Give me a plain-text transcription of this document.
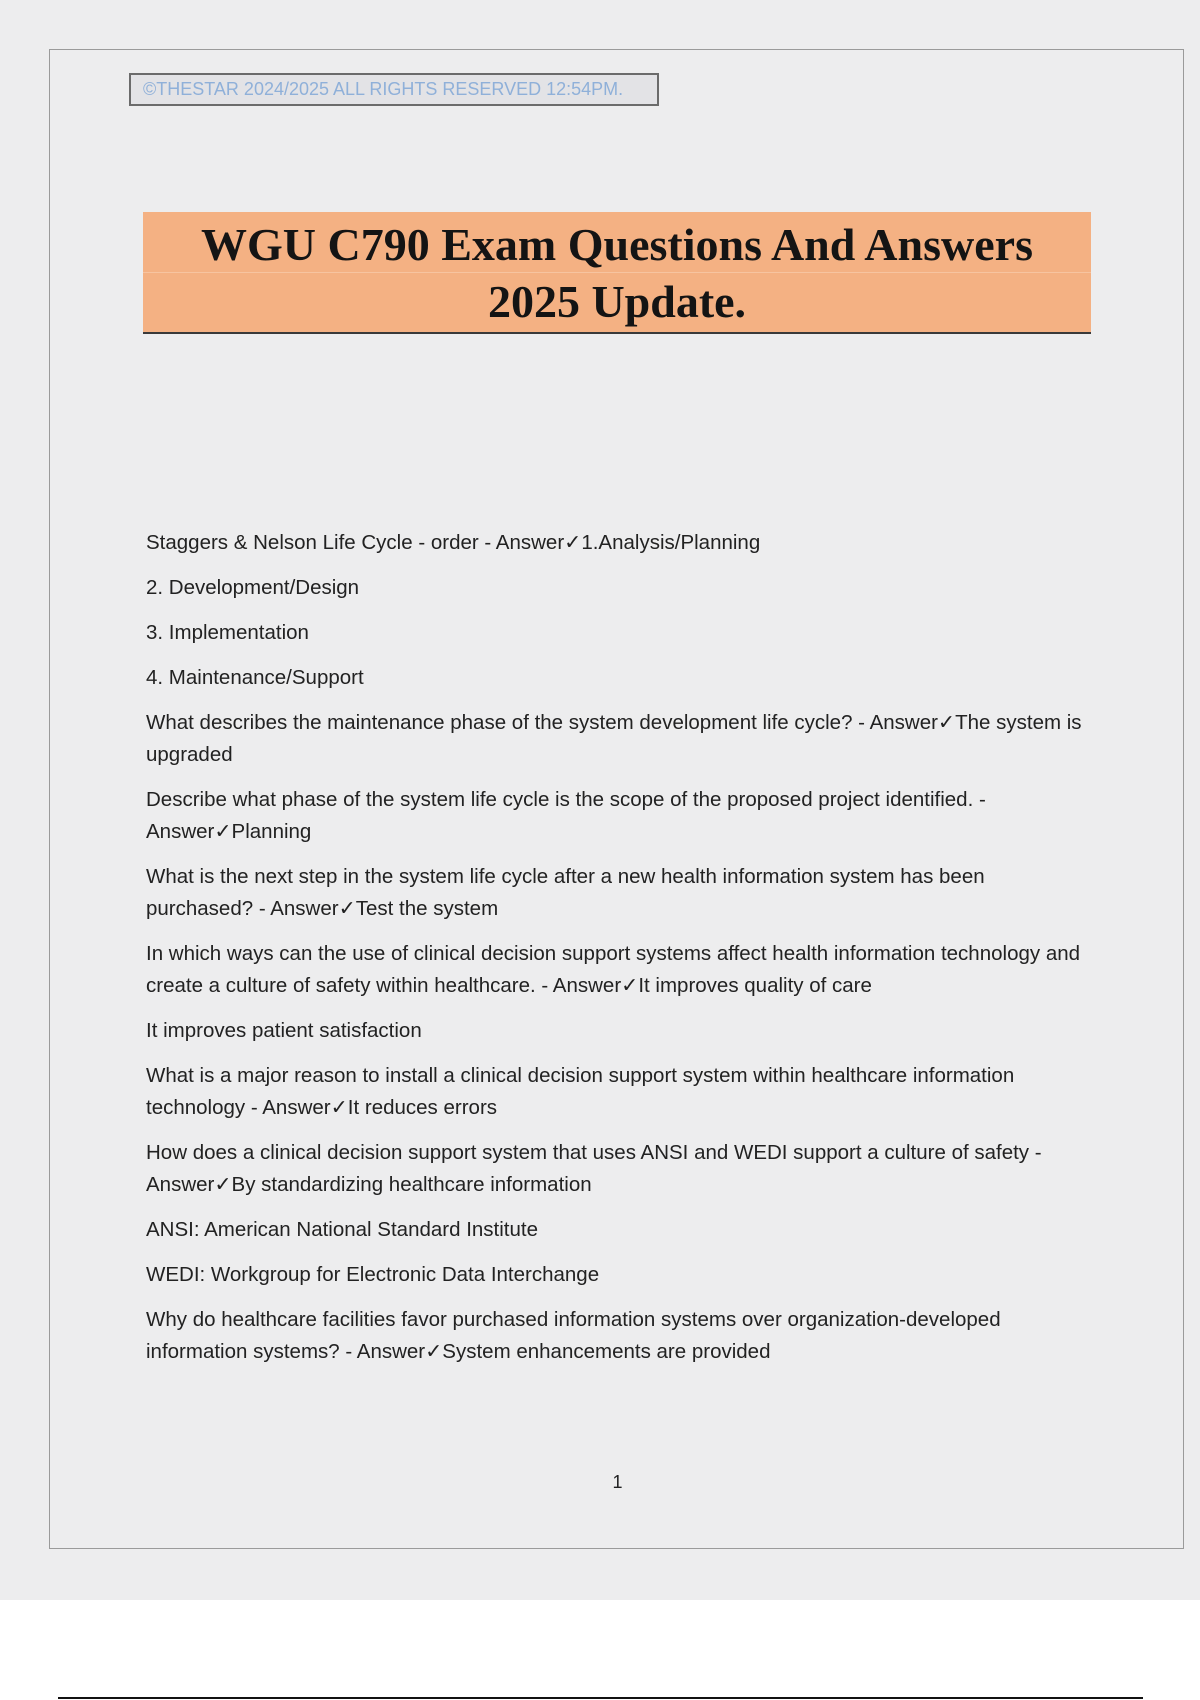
©THESTAR 2024/2025 ALL RIGHTS RESERVED 12:54PM.
WGU C790 Exam Questions And Answers
2025 Update.

Staggers & Nelson Life Cycle - order - Answer✓1.Analysis/Planning

2. Development/Design

3. Implementation

4. Maintenance/Support

What describes the maintenance phase of the system development life cycle? - Answer✓The system is upgraded

Describe what phase of the system life cycle is the scope of the proposed project identified. - Answer✓Planning

What is the next step in the system life cycle after a new health information system has been purchased? - Answer✓Test the system

In which ways can the use of clinical decision support systems affect health information technology and create a culture of safety within healthcare. - Answer✓It improves quality of care

It improves patient satisfaction

What is a major reason to install a clinical decision support system within healthcare information technology - Answer✓It reduces errors

How does a clinical decision support system that uses ANSI and WEDI support a culture of safety - Answer✓By standardizing healthcare information

ANSI: American National Standard Institute

WEDI: Workgroup for Electronic Data Interchange

Why do healthcare facilities favor purchased information systems over organization-developed information systems? - Answer✓System enhancements are provided

1
